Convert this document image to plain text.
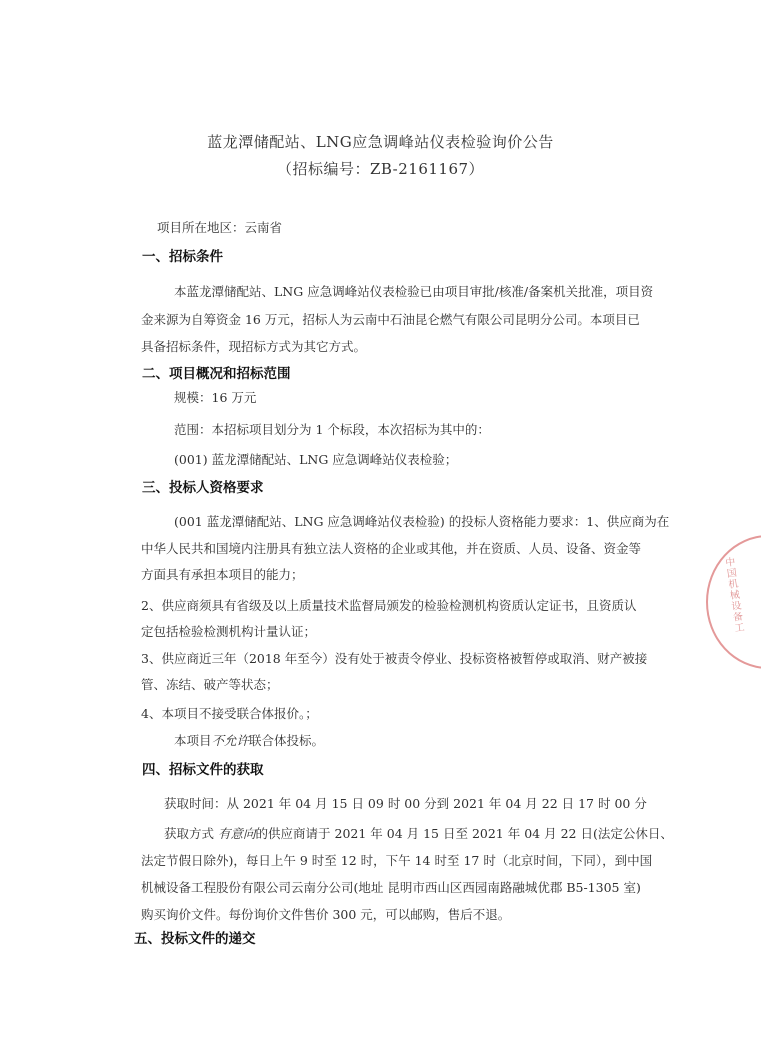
蓝龙潭储配站、LNG应急调峰站仪表检验询价公告
（招标编号：ZB-2161167）
项目所在地区：云南省
一、招标条件
本蓝龙潭储配站、LNG 应急调峰站仪表检验已由项目审批/核准/备案机关批准，项目资
金来源为自筹资金 16 万元，招标人为云南中石油昆仑燃气有限公司昆明分公司。本项目已
具备招标条件，现招标方式为其它方式。
二、项目概况和招标范围
规模：16 万元
范围：本招标项目划分为 1 个标段，本次招标为其中的：
(001) 蓝龙潭储配站、LNG 应急调峰站仪表检验；
三、投标人资格要求
(001 蓝龙潭储配站、LNG 应急调峰站仪表检验) 的投标人资格能力要求：1、供应商为在
中华人民共和国境内注册具有独立法人资格的企业或其他，并在资质、人员、设备、资金等
方面具有承担本项目的能力；
2、供应商须具有省级及以上质量技术监督局颁发的检验检测机构资质认定证书，且资质认
定包括检验检测机构计量认证；
3、供应商近三年（2018 年至今）没有处于被责令停业、投标资格被暂停或取消、财产被接
管、冻结、破产等状态；
4、本项目不接受联合体报价。；
本项目不允许联合体投标。
四、招标文件的获取
获取时间：从 2021 年 04 月 15 日 09 时 00 分到 2021 年 04 月 22 日 17 时 00 分
获取方式 有意向的供应商请于 2021 年 04 月 15 日至 2021 年 04 月 22 日(法定公休日、
法定节假日除外)，每日上午 9 时至 12 时，下午 14 时至 17 时（北京时间，下同），到中国
机械设备工程股份有限公司云南分公司(地址 昆明市西山区西园南路融城优郡 B5-1305 室)
购买询价文件。每份询价文件售价 300 元，可以邮购，售后不退。
五、投标文件的递交
中国机械设备工
